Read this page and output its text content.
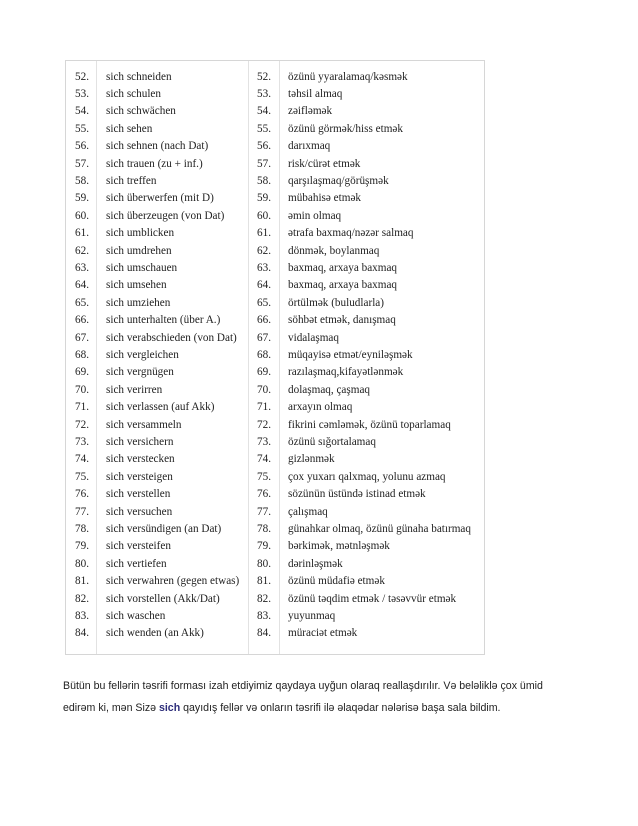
52. sich schneiden	52. özünü yyaralamaq/kəsmək
53. sich schulen	53. təhsil almaq
54. sich schwächen	54. zəifləmək
55. sich sehen	55. özünü görmək/hiss etmək
56. sich sehnen (nach Dat)	56. darıxmaq
57. sich trauen (zu + inf.)	57. risk/cürət etmək
58. sich treffen	58. qarşılaşmaq/görüşmək
59. sich überwerfen (mit D)	59. mübahisə etmək
60. sich überzeugen (von Dat)	60. əmin olmaq
61. sich umblicken	61. ətrafa baxmaq/nəzər salmaq
62. sich umdrehen	62. dönmək, boylanmaq
63. sich umschauen	63. baxmaq, arxaya baxmaq
64. sich umsehen	64. baxmaq, arxaya baxmaq
65. sich umziehen	65. örtülmək (buludlarla)
66. sich unterhalten (über A.)	66. söhbət etmək, danışmaq
67. sich verabschieden (von Dat) 67. vidalaşmaq
68. sich vergleichen	68. müqayisə etmət/eyniləşmək
69. sich vergnügen	69. razılaşmaq,kifayətlənmək
70. sich verirren	70. dolaşmaq, çaşmaq
71. sich verlassen (auf Akk)	71. arxayın olmaq
72. sich versammeln	72. fikrini cəmləmək, özünü toparlamaq
73. sich versichern	73. özünü sığortalamaq
74. sich verstecken	74. gizlənmək
75. sich versteigen	75. çox yuxarı qalxmaq, yolunu azmaq
76. sich verstellen	76. sözünün üstündə istinad etmək
77. sich versuchen	77. çalışmaq
78. sich versündigen (an Dat)	78. günahkar olmaq, özünü günaha batırmaq
79. sich versteifen	79. bərkimək, mətnləşmək
80. sich vertiefen	80. dərinləşmək
81. sich verwahren (gegen etwas) 81. özünü müdafiə etmək
82. sich vorstellen (Akk/Dat)	82. özünü təqdim etmək / təsəvvür etmək
83. sich waschen	83. yuyunmaq
84. sich wenden (an Akk)	84. müraciət etmək
Bütün bu fellərin təsrifi forması izah etdiyimiz qaydaya uyğun olaraq reallaşdırılır. Və beləliklə çox ümid
edirəm ki, mən Sizə sich qayıdış fellər və onların təsrifi ilə əlaqədar nələrisə başa sala bildim.
